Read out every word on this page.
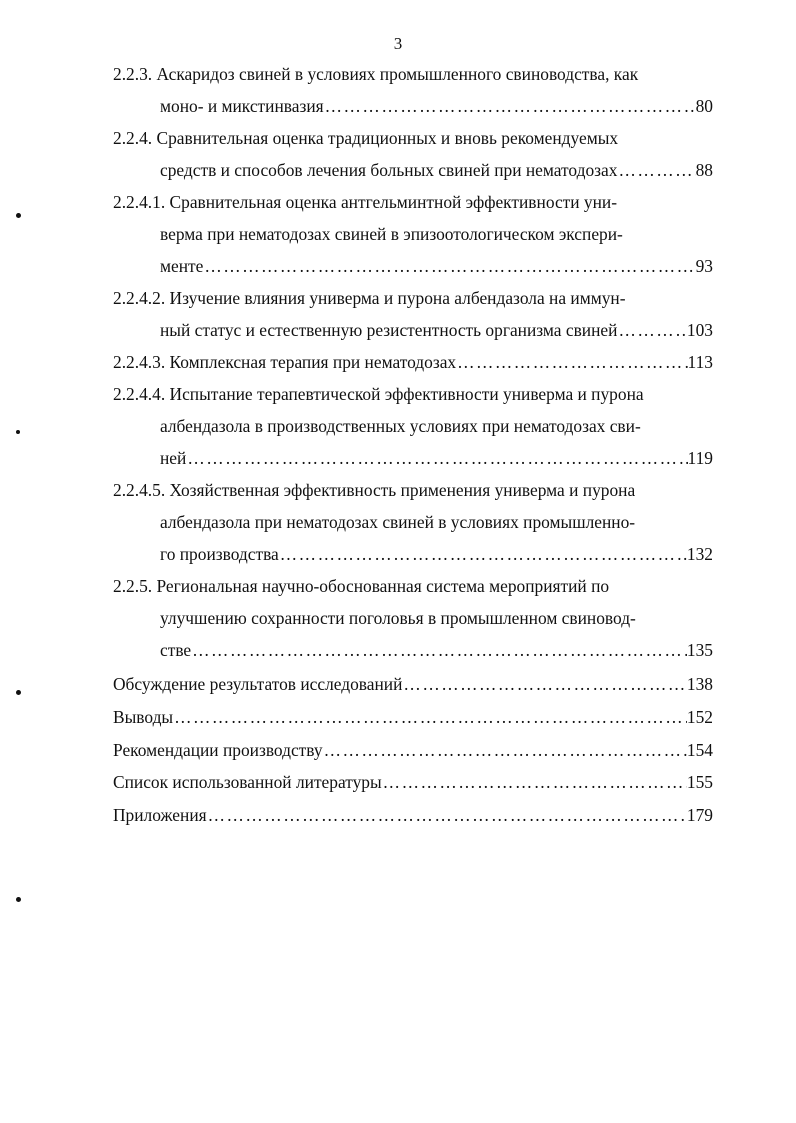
3
2.2.3. Аскаридоз свиней в условиях промышленного свиноводства, как
моно- и микстинвазия ……………………………………………………………………………………………………………………………………………………………	80
2.2.4. Сравнительная оценка традиционных и вновь рекомендуемых
средств и способов лечения больных свиней при нематодозах ……………………………………………………………………………………………………………………………………………………………	88
2.2.4.1. Сравнительная оценка антгельминтной эффективности уни-
верма при нематодозах свиней в эпизоотологическом экспери-
менте ……………………………………………………………………………………………………………………………………………………………	93
2.2.4.2. Изучение влияния универма и пурона албендазола на иммун-
ный статус и естественную резистентность организма свиней ……………………………………………………………………………………………………………………………………………………………	103
2.2.4.3. Комплексная терапия при нематодозах ……………………………………………………………………………………………………………………………………………………………	113
2.2.4.4. Испытание терапевтической эффективности универма и пурона
албендазола в производственных условиях при нематодозах сви-
ней ……………………………………………………………………………………………………………………………………………………………	119
2.2.4.5. Хозяйственная эффективность применения универма и пурона
албендазола при нематодозах свиней в условиях промышленно-
го производства ……………………………………………………………………………………………………………………………………………………………	132
2.2.5. Региональная научно-обоснованная система мероприятий по
улучшению сохранности поголовья в промышленном свиновод-
стве ……………………………………………………………………………………………………………………………………………………………	135
Обсуждение результатов исследований ……………………………………………………………………………………………………………………………………………………………	138
Выводы ……………………………………………………………………………………………………………………………………………………………	152
Рекомендации производству ……………………………………………………………………………………………………………………………………………………………	154
Список использованной литературы ……………………………………………………………………………………………………………………………………………………………	155
Приложения ……………………………………………………………………………………………………………………………………………………………	179
